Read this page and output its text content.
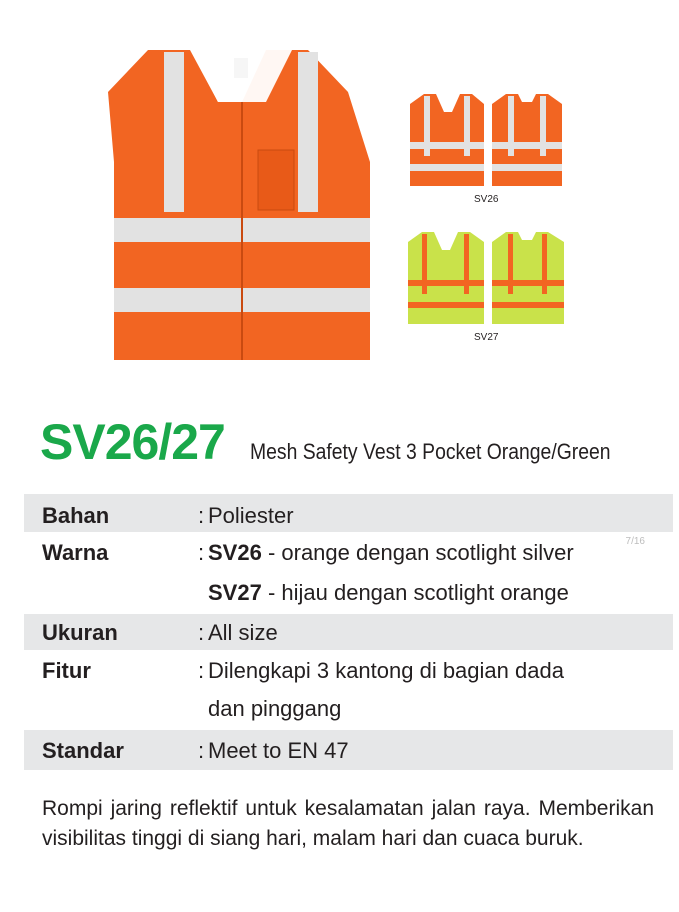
SV26
SV27
SV26/27 Mesh Safety Vest 3 Pocket Orange/Green
Bahan	: Poliester
7/16
Warna	: SV26 - orange dengan scotlight silver
SV27 - hijau dengan scotlight orange
Ukuran	: All size
Fitur	: Dilengkapi 3 kantong di bagian dada
dan pinggang
Standar	: Meet to EN 47
Rompi jaring reflektif untuk kesalamatan jalan raya. Memberikan visibilitas tinggi di siang hari, malam hari dan cuaca buruk.
